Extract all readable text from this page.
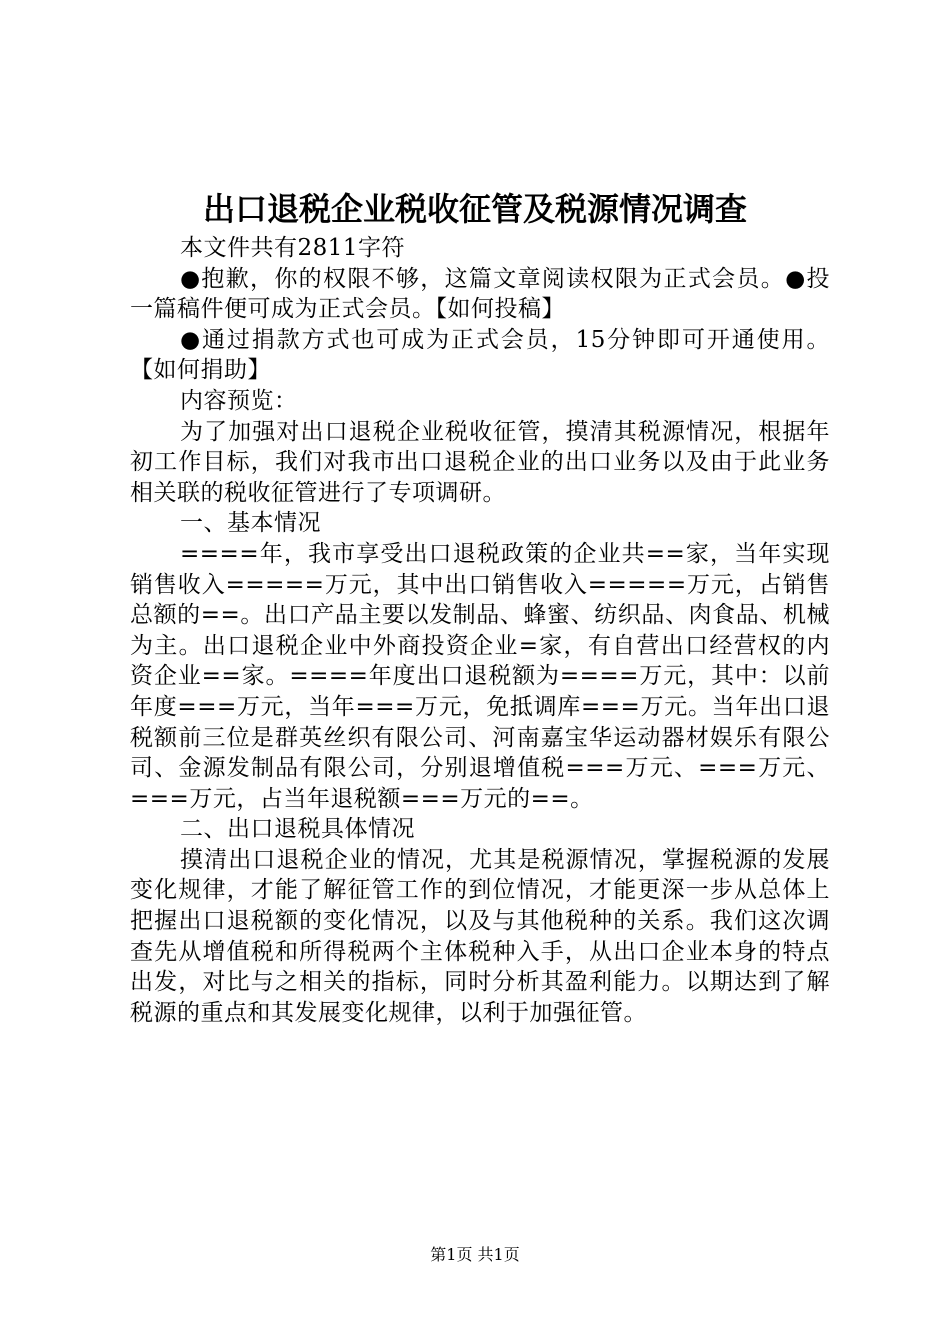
出口退税企业税收征管及税源情况调查

本文件共有2811字符

●抱歉，你的权限不够，这篇文章阅读权限为正式会员。●投一篇稿件便可成为正式会员。【如何投稿】

●通过捐款方式也可成为正式会员，15分钟即可开通使用。【如何捐助】

内容预览：

为了加强对出口退税企业税收征管，摸清其税源情况，根据年初工作目标，我们对我市出口退税企业的出口业务以及由于此业务相关联的税收征管进行了专项调研。

一、基本情况

====年，我市享受出口退税政策的企业共==家，当年实现销售收入=====万元，其中出口销售收入=====万元，占销售总额的==。出口产品主要以发制品、蜂蜜、纺织品、肉食品、机械为主。出口退税企业中外商投资企业=家，有自营出口经营权的内资企业==家。====年度出口退税额为====万元，其中：以前年度===万元，当年===万元，免抵调库===万元。当年出口退税额前三位是群英丝织有限公司、河南嘉宝华运动器材娱乐有限公司、金源发制品有限公司，分别退增值税===万元、===万元、===万元，占当年退税额===万元的==。

二、出口退税具体情况

摸清出口退税企业的情况，尤其是税源情况，掌握税源的发展变化规律，才能了解征管工作的到位情况，才能更深一步从总体上把握出口退税额的变化情况，以及与其他税种的关系。我们这次调查先从增值税和所得税两个主体税种入手，从出口企业本身的特点出发，对比与之相关的指标，同时分析其盈利能力。以期达到了解税源的重点和其发展变化规律，以利于加强征管。

第1页 共1页
